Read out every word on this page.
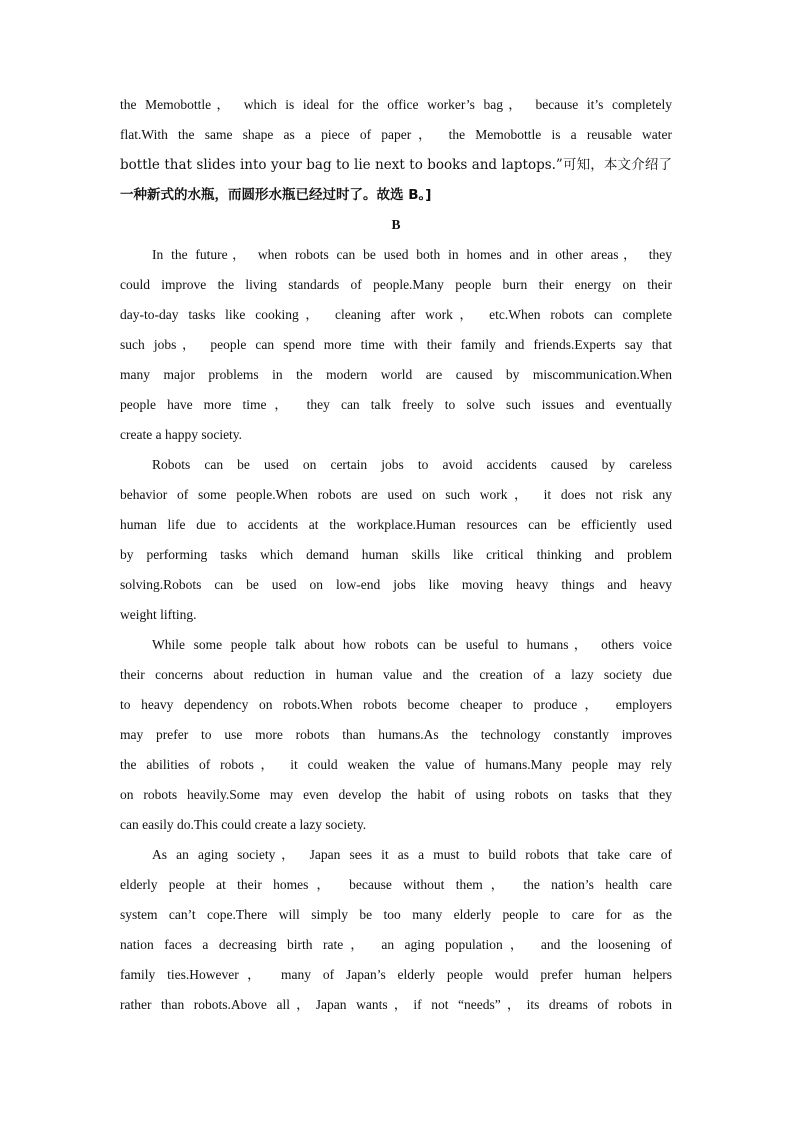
the Memobottle， which is ideal for the office worker’s bag， because it’s completely
flat.With the same shape as a piece of paper， the Memobottle is a reusable water
bottle that slides into your bag to lie next to books and laptops.”可知，本文介绍了
一种新式的水瓶，而圆形水瓶已经过时了。故选 B。]
B
In the future， when robots can be used both in homes and in other areas， they
could improve the living standards of people.Many people burn their energy on their
day-to-day tasks like cooking， cleaning after work， etc.When robots can complete
such jobs， people can spend more time with their family and friends.Experts say that
many major problems in the modern world are caused by miscommunication.When
people have more time， they can talk freely to solve such issues and eventually
create a happy society.
Robots can be used on certain jobs to avoid accidents caused by careless
behavior of some people.When robots are used on such work， it does not risk any
human life due to accidents at the workplace.Human resources can be efficiently used
by performing tasks which demand human skills like critical thinking and problem
solving.Robots can be used on low-end jobs like moving heavy things and heavy
weight lifting.
While some people talk about how robots can be useful to humans， others voice
their concerns about reduction in human value and the creation of a lazy society due
to heavy dependency on robots.When robots become cheaper to produce， employers
may prefer to use more robots than humans.As the technology constantly improves
the abilities of robots， it could weaken the value of humans.Many people may rely
on robots heavily.Some may even develop the habit of using robots on tasks that they
can easily do.This could create a lazy society.
As an aging society， Japan sees it as a must to build robots that take care of
elderly people at their homes， because without them， the nation’s health care
system can’t cope.There will simply be too many elderly people to care for as the
nation faces a decreasing birth rate， an aging population， and the loosening of
family ties.However， many of Japan’s elderly people would prefer human helpers
rather than robots.Above all，Japan wants，if not “needs”，its dreams of robots in
